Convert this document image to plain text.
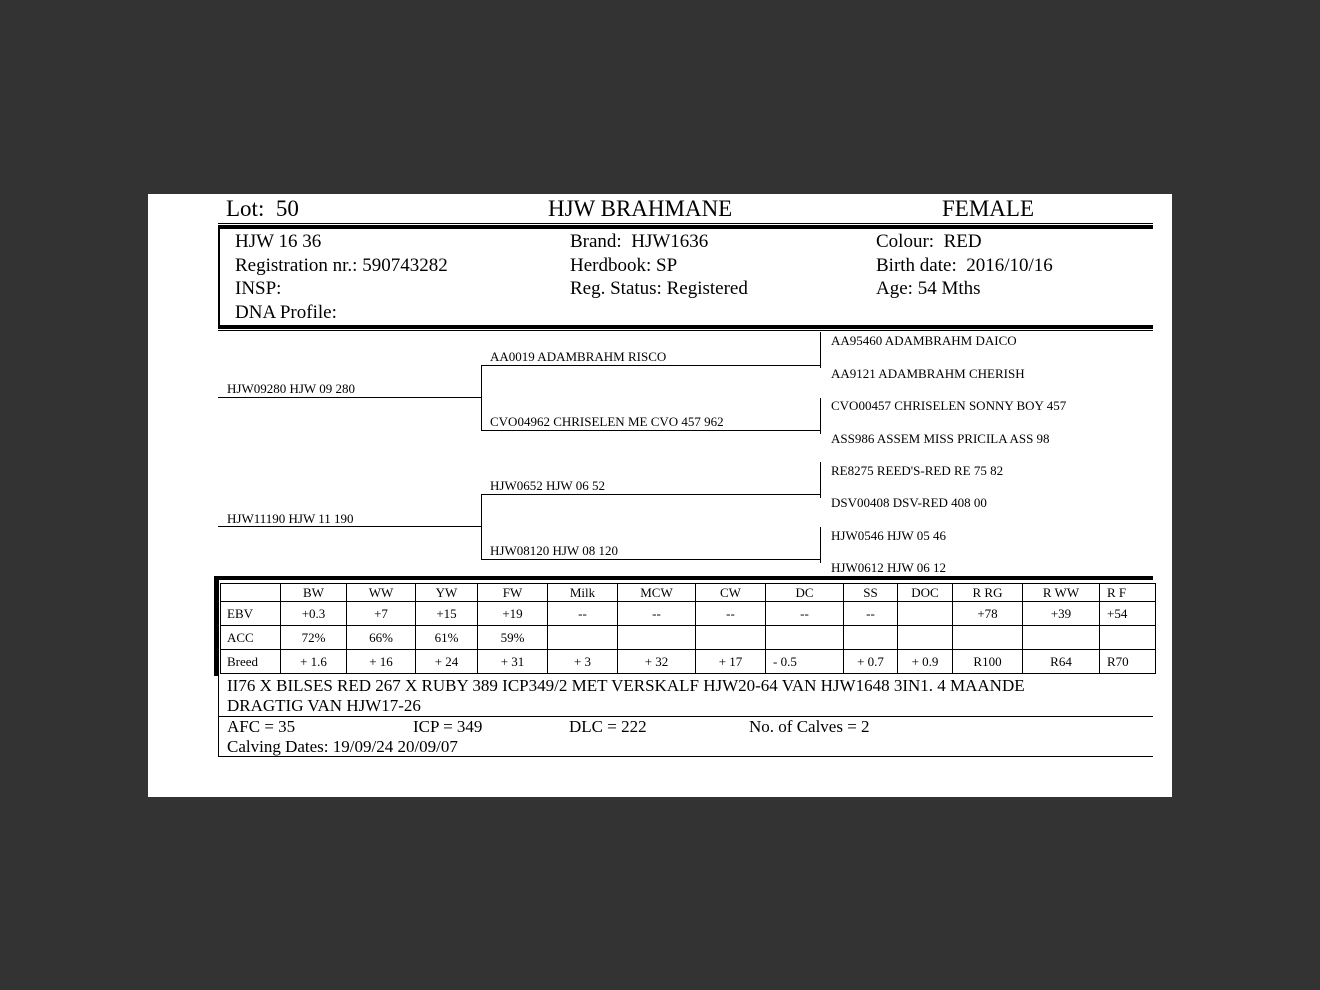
Lot: 50	HJW BRAHMANE	FEMALE
HJW 16 36
Registration nr.: 590743282
INSP:
DNA Profile:
Brand: HJW1636
Herdbook: SP
Reg. Status: Registered
Colour: RED
Birth date: 2016/10/16
Age: 54 Mths
AA95460 ADAMBRAHM DAICO
AA9121 ADAMBRAHM CHERISH
CVO00457 CHRISELEN SONNY BOY 457
ASS986 ASSEM MISS PRICILA ASS 98
RE8275 REED'S-RED RE 75 82
DSV00408 DSV-RED 408 00
HJW0546 HJW 05 46
HJW0612 HJW 06 12
AA0019 ADAMBRAHM RISCO
CVO04962 CHRISELEN ME CVO 457 962
HJW0652 HJW 06 52
HJW08120 HJW 08 120
HJW09280 HJW 09 280
HJW11190 HJW 11 190
	BW	WW	YW	FW	Milk	MCW	CW	DC	SS	DOC	R RG	R WW	R F
EBV	+0.3	+7	+15	+19	--	--	--	--	--		+78	+39	+54
ACC	72%	66%	61%	59%									
Breed	+ 1.6	+ 16	+ 24	+ 31	+ 3	+ 32	+ 17	- 0.5	+ 0.7	+ 0.9	R100	R64	R70
II76 X BILSES RED 267 X RUBY 389 ICP349/2 MET VERSKALF HJW20-64 VAN HJW1648 3IN1. 4 MAANDE
DRAGTIG VAN HJW17-26
AFC = 35	ICP = 349	DLC = 222	No. of Calves = 2
Calving Dates: 19/09/24 20/09/07
